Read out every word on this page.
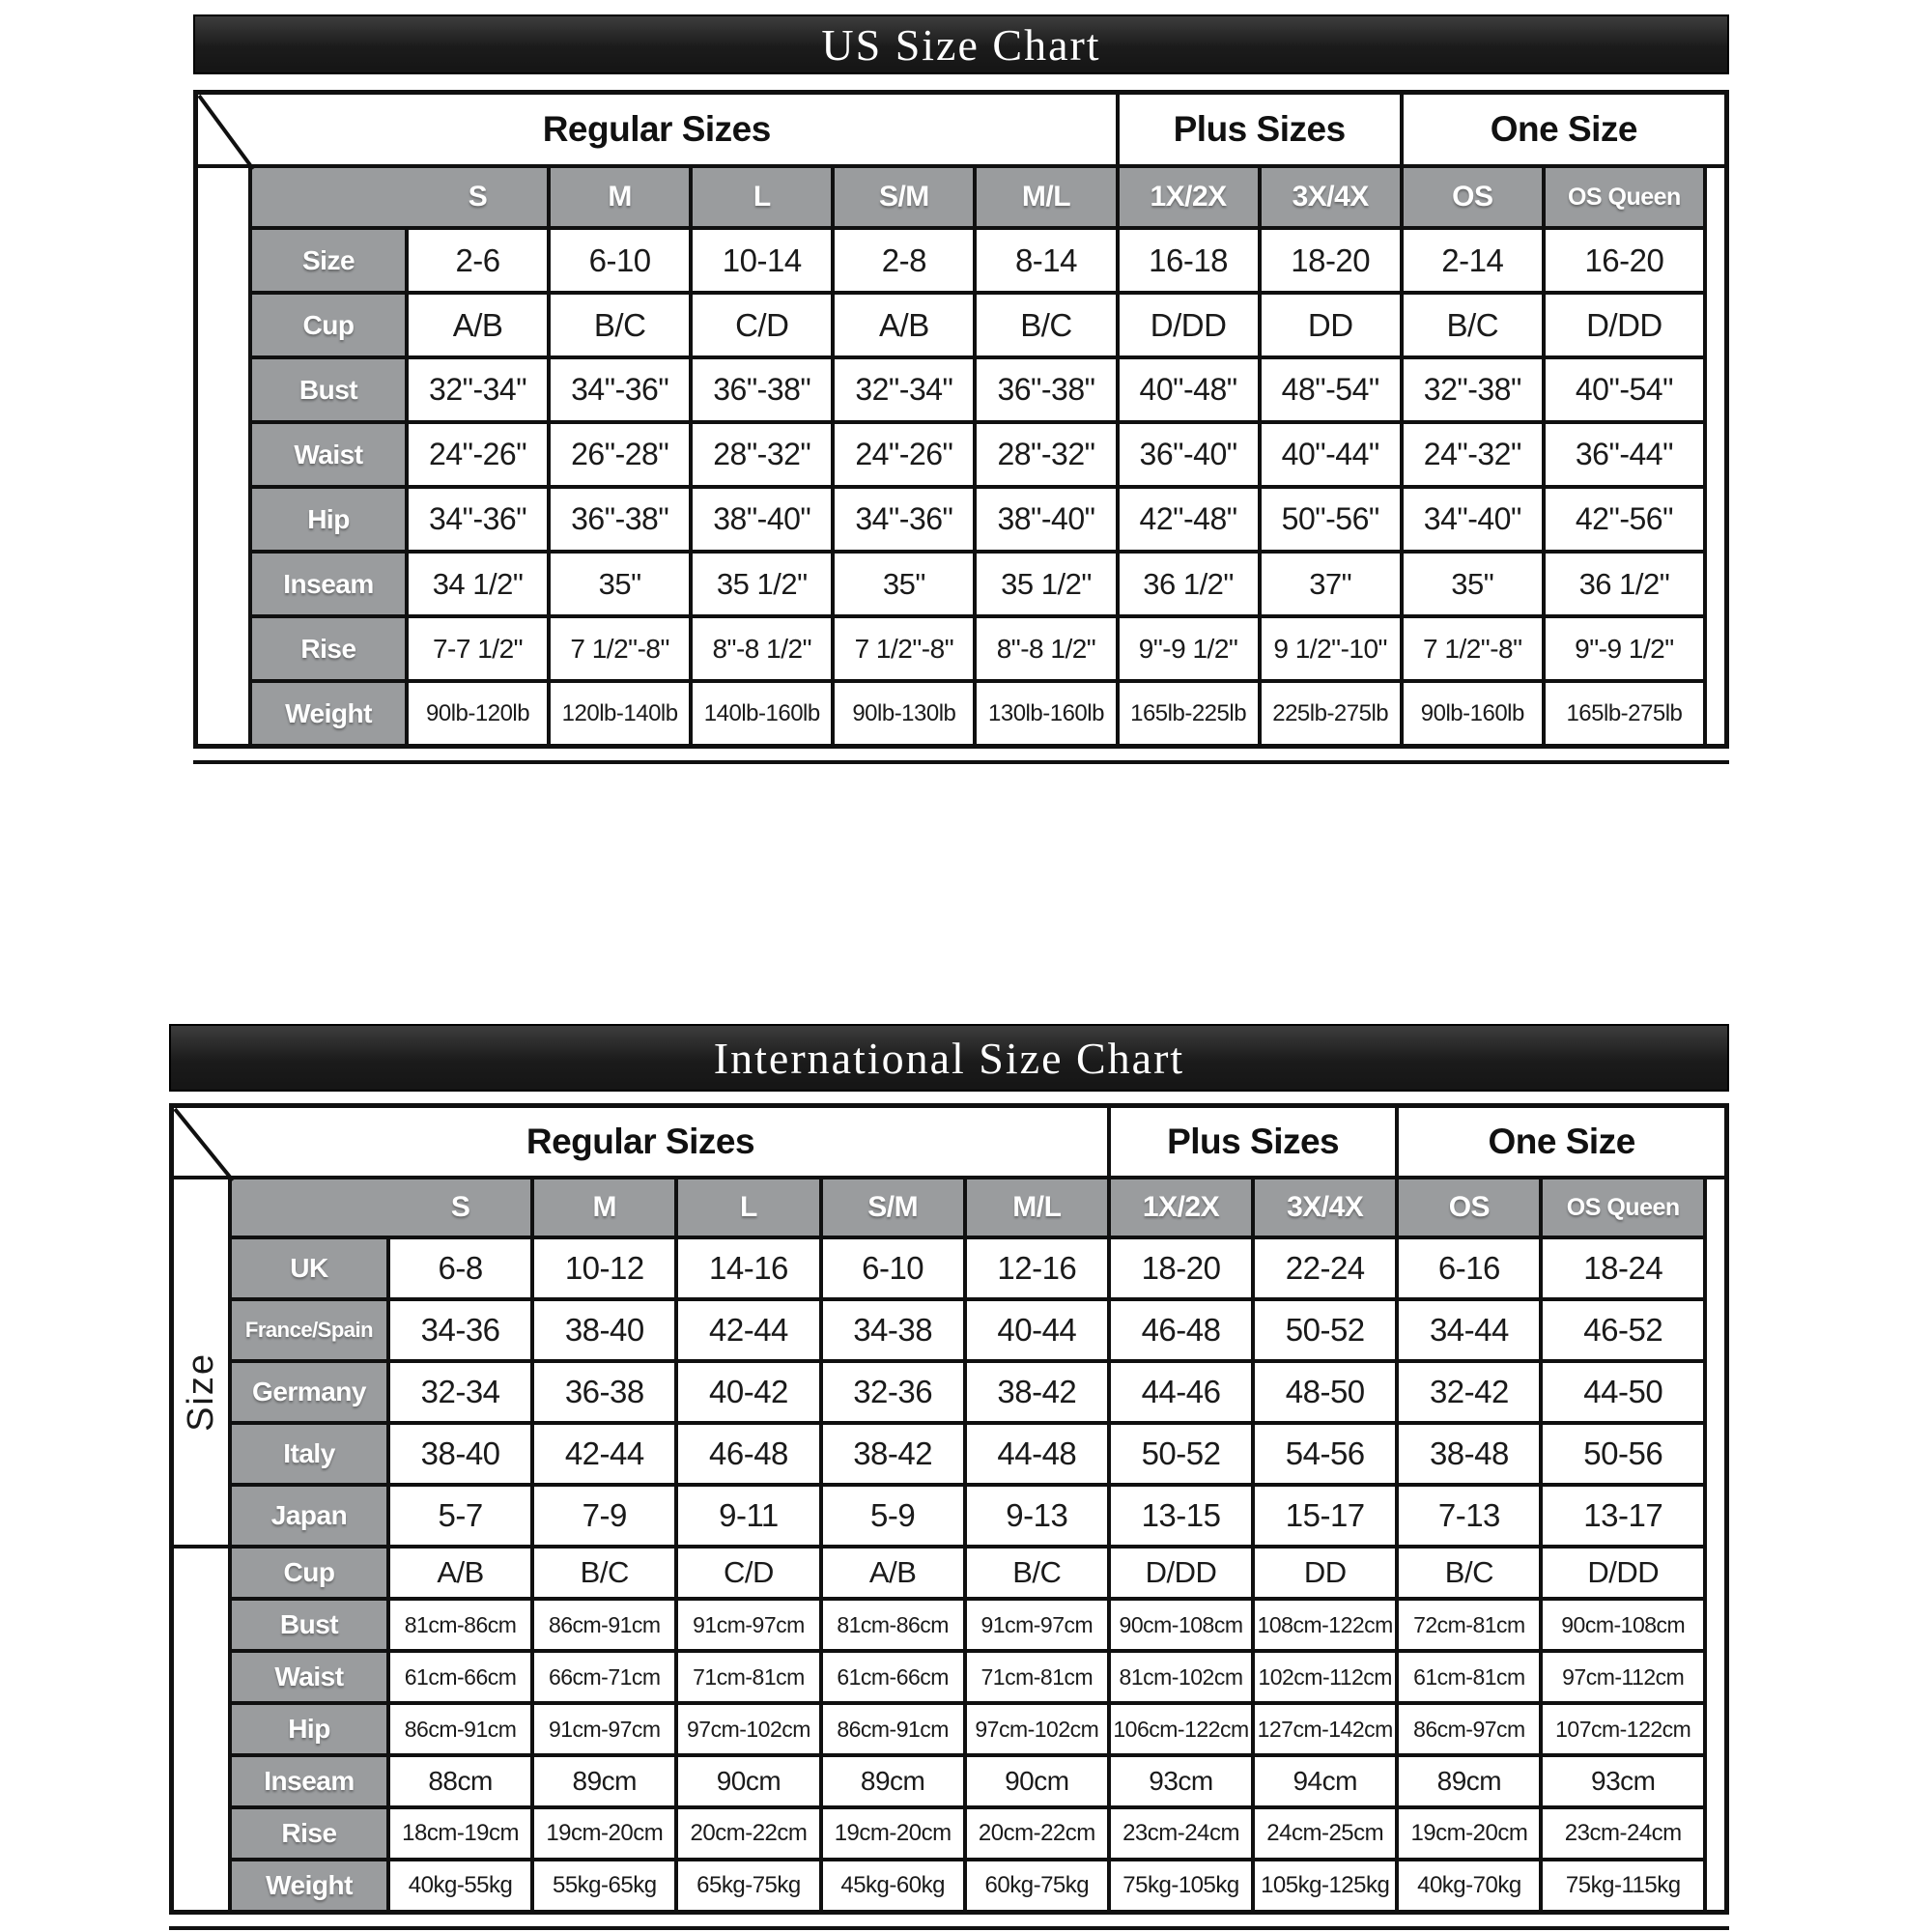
US Size Chart
Regular Sizes	Plus Sizes	One Size
S	M	L	S/M	M/L	1X/2X	3X/4X	OS	OS Queen
Size	2-6	6-10	10-14	2-8	8-14	16-18	18-20	2-14	16-20
Cup	A/B	B/C	C/D	A/B	B/C	D/DD	DD	B/C	D/DD
Bust	32"-34"	34"-36"	36"-38"	32"-34"	36"-38"	40"-48"	48"-54"	32"-38"	40"-54"
Waist	24"-26"	26"-28"	28"-32"	24"-26"	28"-32"	36"-40"	40"-44"	24"-32"	36"-44"
Hip	34"-36"	36"-38"	38"-40"	34"-36"	38"-40"	42"-48"	50"-56"	34"-40"	42"-56"
Inseam	34 1/2"	35"	35 1/2"	35"	35 1/2"	36 1/2"	37"	35"	36 1/2"
Rise	7-7 1/2"	7 1/2"-8"	8"-8 1/2"	7 1/2"-8"	8"-8 1/2"	9"-9 1/2"	9 1/2"-10"	7 1/2"-8"	9"-9 1/2"
Weight	90lb-120lb	120lb-140lb	140lb-160lb	90lb-130lb	130lb-160lb	165lb-225lb	225lb-275lb	90lb-160lb	165lb-275lb
International Size Chart
Regular Sizes	Plus Sizes	One Size
S	M	L	S/M	M/L	1X/2X	3X/4X	OS	OS Queen
Size
UK	6-8	10-12	14-16	6-10	12-16	18-20	22-24	6-16	18-24
France/Spain	34-36	38-40	42-44	34-38	40-44	46-48	50-52	34-44	46-52
Germany	32-34	36-38	40-42	32-36	38-42	44-46	48-50	32-42	44-50
Italy	38-40	42-44	46-48	38-42	44-48	50-52	54-56	38-48	50-56
Japan	5-7	7-9	9-11	5-9	9-13	13-15	15-17	7-13	13-17
Cup	A/B	B/C	C/D	A/B	B/C	D/DD	DD	B/C	D/DD
Bust	81cm-86cm	86cm-91cm	91cm-97cm	81cm-86cm	91cm-97cm	90cm-108cm 108cm-122cm 72cm-81cm	90cm-108cm
Waist	61cm-66cm	66cm-71cm	71cm-81cm	61cm-66cm	71cm-81cm	81cm-102cm 102cm-112cm 61cm-81cm	97cm-112cm
Hip	86cm-91cm	91cm-97cm	97cm-102cm	86cm-91cm	97cm-102cm 106cm-122cm 127cm-142cm 86cm-97cm	107cm-122cm
Inseam	88cm	89cm	90cm	89cm	90cm	93cm	94cm	89cm	93cm
Rise	18cm-19cm	19cm-20cm	20cm-22cm	19cm-20cm	20cm-22cm	23cm-24cm	24cm-25cm	19cm-20cm	23cm-24cm
Weight	40kg-55kg	55kg-65kg	65kg-75kg	45kg-60kg	60kg-75kg	75kg-105kg 105kg-125kg	40kg-70kg	75kg-115kg
